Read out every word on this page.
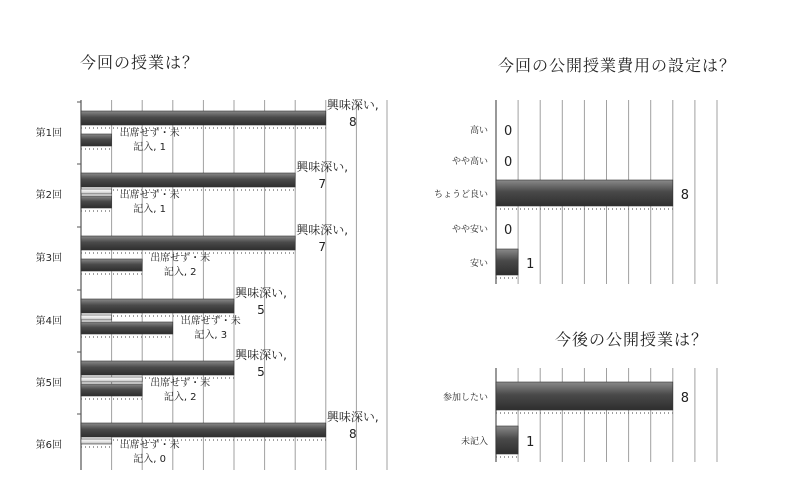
今回の授業は？	今回の公開授業費用の設定は？
今後の公開授業は？
第1回
興味深い, 8
出席せず・未記入, 1
第2回
興味深い, 7
出席せず・未記入, 1
第3回
興味深い, 7
出席せず・未記入, 2
第4回
興味深い, 5
出席せず・未記入, 3
第5回
興味深い, 5
出席せず・未記入, 2
第6回
興味深い, 8
出席せず・未記入, 0
高い 0
やや高い 0
ちょうど良い	8
やや安い 0
安い	1
参加したい	8
未記入	1
